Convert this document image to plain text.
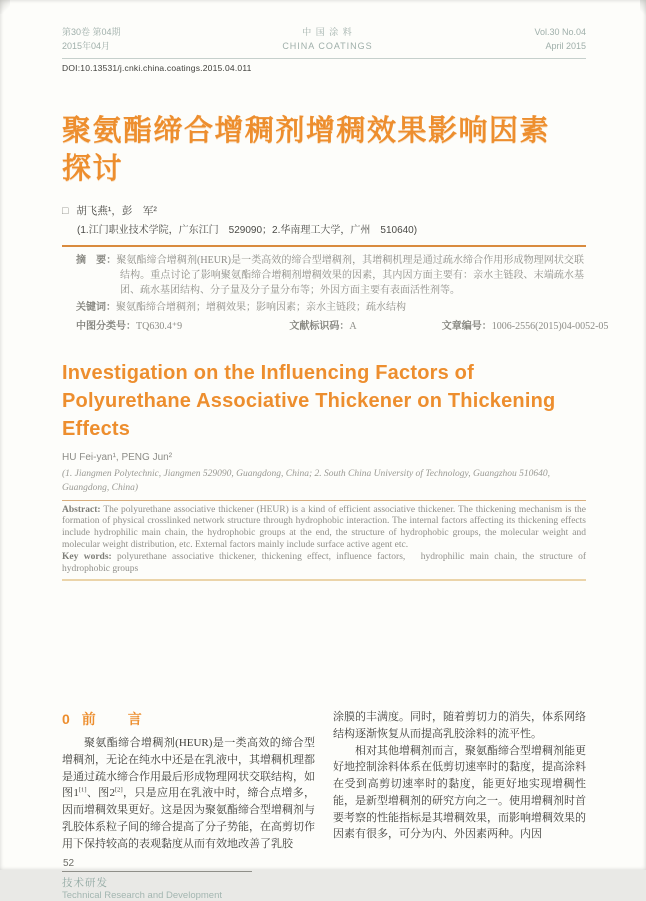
第30卷 第04期
2015年04月
中 国 涂 料
CHINA COATINGS
Vol.30 No.04
April 2015
DOI:10.13531/j.cnki.china.coatings.2015.04.011
聚氨酯缔合增稠剂增稠效果影响因素探讨
□ 胡飞燕¹，彭　军²
(1.江门职业技术学院，广东江门　529090；2.华南理工大学，广州　510640)

摘　要：聚氨酯缔合增稠剂(HEUR)是一类高效的缔合型增稠剂，其增稠机理是通过疏水缔合作用形成物理网状交联结构。重点讨论了影响聚氨酯缔合增稠剂增稠效果的因素，其内因方面主要有：亲水主链段、末端疏水基团、疏水基团结构、分子量及分子量分布等；外因方面主要有表面活性剂等。

关键词：聚氨酯缔合增稠剂；增稠效果；影响因素；亲水主链段；疏水结构

中图分类号：TQ630.4⁺9	文献标识码：A	文章编号：1006-2556(2015)04-0052-05
Investigation on the Influencing Factors of Polyurethane Associative Thickener on Thickening Effects
HU Fei-yan¹, PENG Jun²
(1. Jiangmen Polytechnic, Jiangmen 529090, Guangdong, China; 2. South China University of Technology, Guangzhou 510640, Guangdong, China)

Abstract: The polyurethane associative thickener (HEUR) is a kind of efficient associative thickener. The thickening mechanism is the formation of physical crosslinked network structure through hydrophobic interaction. The internal factors affecting its thickening effects include hydrophilic main chain, the hydrophobic groups at the end, the structure of hydrophobic groups, the molecular weight and molecular weight distribution, etc. External factors mainly include surface active agent etc.

Key words: polyurethane associative thickener, thickening effect, influence factors,　hydrophilic main chain, the structure of hydrophobic groups

0 前　言

聚氨酯缔合增稠剂(HEUR)是一类高效的缔合型增稠剂，无论在纯水中还是在乳液中，其增稠机理都是通过疏水缔合作用最后形成物理网状交联结构，如图1[1]、图2[2]，只是应用在乳液中时，缔合点增多，因而增稠效果更好。这是因为聚氨酯缔合型增稠剂与乳胶体系粒子间的缔合提高了分子势能，在高剪切作用下保持较高的表观黏度从而有效地改善了乳胶

涂膜的丰满度。同时，随着剪切力的消失，体系网络结构逐渐恢复从而提高乳胶涂料的流平性。

相对其他增稠剂而言，聚氨酯缔合型增稠剂能更好地控制涂料体系在低剪切速率时的黏度，提高涂料在受到高剪切速率时的黏度，能更好地实现增稠性能，是新型增稠剂的研究方向之一。使用增稠剂时首要考察的性能指标是其增稠效果，而影响增稠效果的因素有很多，可分为内、外因素两种。内因

52
技术研发
Technical Research and Development
